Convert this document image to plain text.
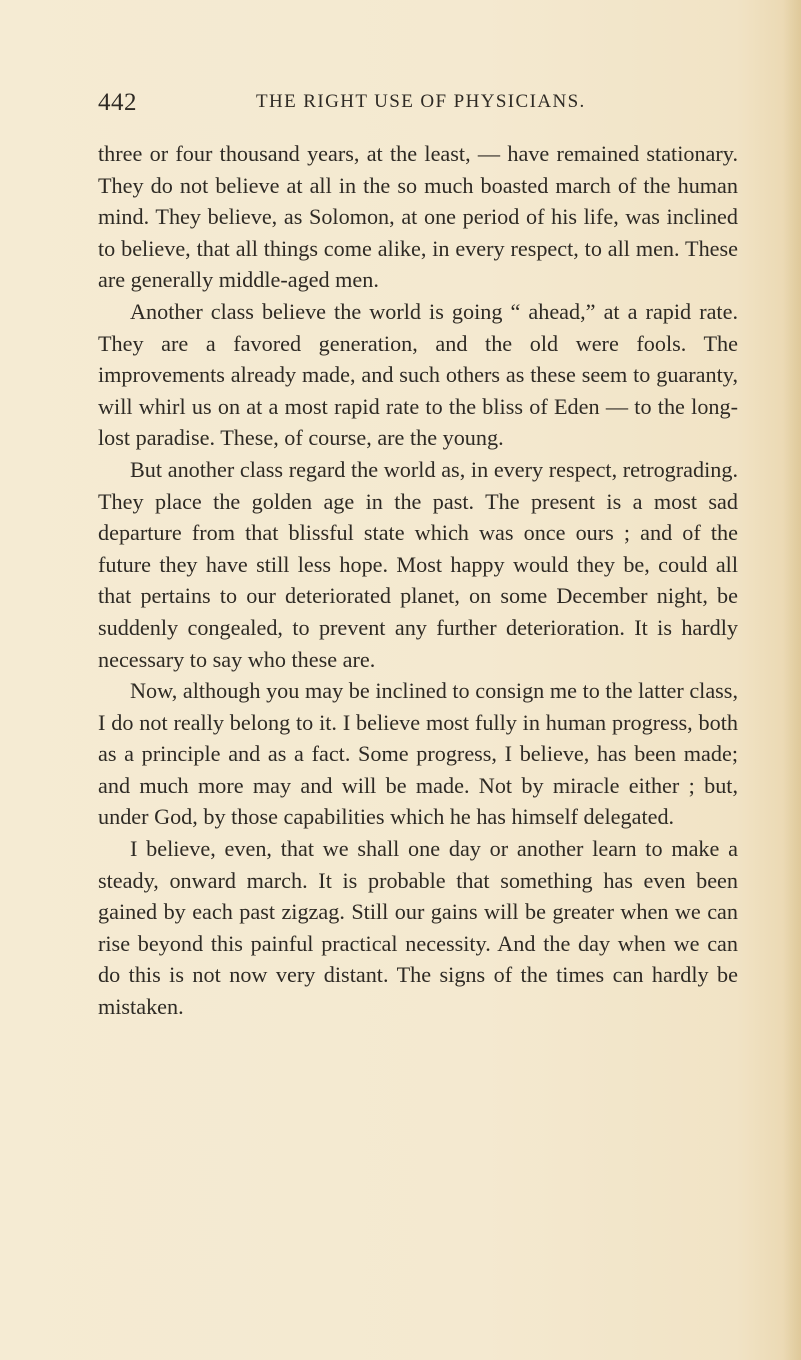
442	THE RIGHT USE OF PHYSICIANS.

three or four thousand years, at the least, — have remained stationary. They do not believe at all in the so much boasted march of the human mind. They believe, as Solomon, at one period of his life, was inclined to believe, that all things come alike, in every respect, to all men. These are generally middle-aged men.

Another class believe the world is going “ ahead,” at a rapid rate. They are a favored generation, and the old were fools. The improvements already made, and such others as these seem to guaranty, will whirl us on at a most rapid rate to the bliss of Eden — to the long-lost paradise. These, of course, are the young.

But another class regard the world as, in every respect, retrograding. They place the golden age in the past. The present is a most sad departure from that blissful state which was once ours ; and of the future they have still less hope. Most happy would they be, could all that pertains to our deteriorated planet, on some December night, be suddenly congealed, to prevent any further deterioration. It is hardly necessary to say who these are.

Now, although you may be inclined to consign me to the latter class, I do not really belong to it. I believe most fully in human progress, both as a principle and as a fact. Some progress, I believe, has been made; and much more may and will be made. Not by miracle either ; but, under God, by those capabilities which he has himself delegated.

I believe, even, that we shall one day or another learn to make a steady, onward march. It is probable that something has even been gained by each past zigzag. Still our gains will be greater when we can rise beyond this painful practical necessity. And the day when we can do this is not now very distant. The signs of the times can hardly be mistaken.
